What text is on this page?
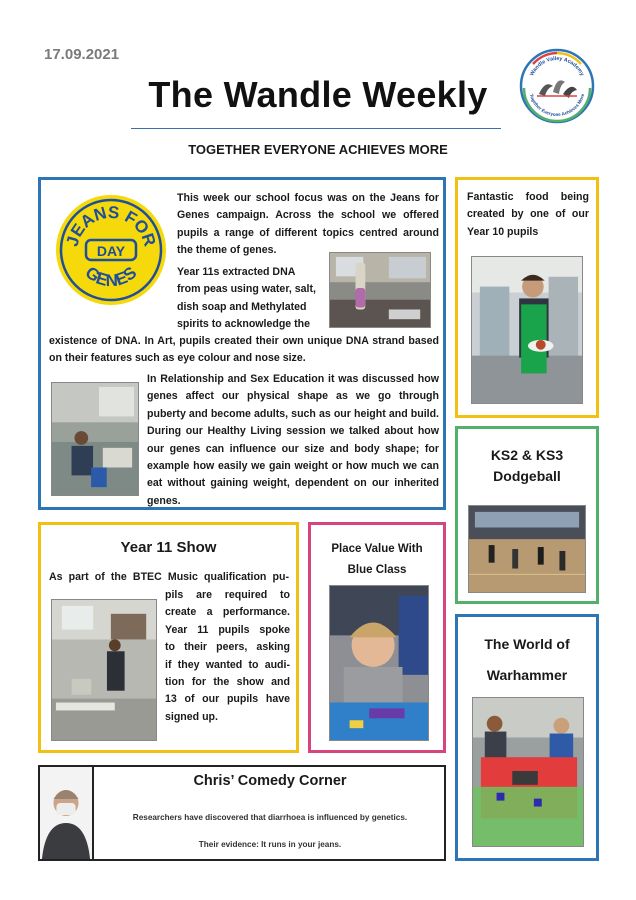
17.09.2021
The Wandle Weekly
TOGETHER EVERYONE ACHIEVES MORE
Wandle Valley Academy
Together Everyone Achieves More
JEANS FOR
DAY
GENES
This week our school focus was on the Jeans for Genes campaign. Across the school we offered pupils a range of different topics centred around the theme of genes.
Year 11s extracted DNA
from peas using water, salt,
dish soap and Methylated
spirits to acknowledge the
existence of DNA. In Art, pupils created their own unique DNA strand based on their features such as eye colour and nose size.
In Relationship and Sex Education it was discussed how genes affect our physical shape as we go through puberty and become adults, such as our height and build. During our Healthy Living session we talked about how our genes can influence our size and body shape; for example how easily we gain weight or how much we can eat without gaining weight, dependent on our inherited genes.
Fantastic food being
created by one of our
Year 10 pupils
KS2 & KS3
Dodgeball
Year 11 Show
As part of the BTEC Music qualification pu-
pils are required to
create a performance.
Year 11 pupils spoke
to their peers, asking
if they wanted to audi-
tion for the show and
13 of our pupils have
signed up.
Place Value With
Blue Class
The World of
Warhammer
Chris’ Comedy Corner
Researchers have discovered that diarrhoea is influenced by genetics.
Their evidence: It runs in your jeans.
